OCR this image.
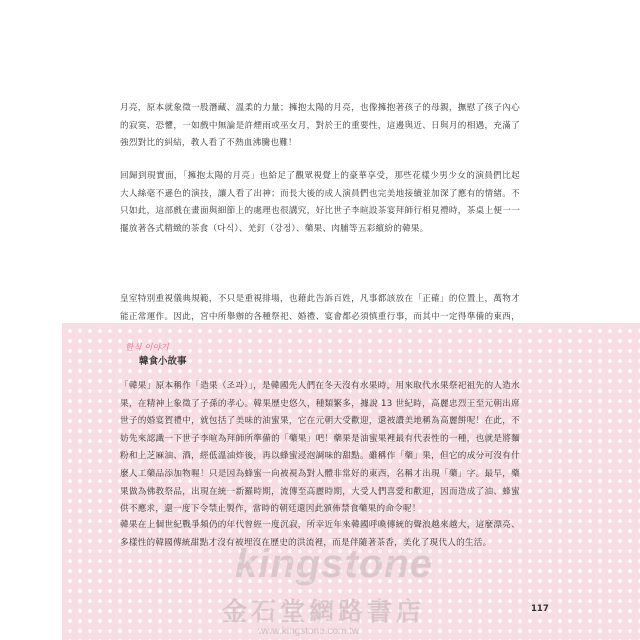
月亮，原本就象徵一股潛藏、溫柔的力量；擁抱太陽的月亮，也像擁抱著孩子的母親，撫慰了孩子內心的寂寞、恐懼，一如戲中無論是許煙雨或巫女月，對於王的重要性，這邊與近、日與月的相遇，充滿了強烈對比的糾結，教人看了不熱血沸騰也難！

回歸到現實面，「擁抱太陽的月亮」也給足了觀眾視覺上的豪華享受，那些花樣少男少女的演員們比起大人絲毫不遜色的演技，讓人看了出神；而長大後的成人演員們也完美地接續並加深了應有的情緒。不只如此，這部戲在畫面與細節上的處理也很講究，好比世子李暄設茶宴拜師行相見禮時，茶桌上便一一擺放著各式精緻的茶食（다식）、羌釘（강정）、藥果、肉脯等五彩繽紛的韓果。

皇室特別重視儀典規範，不只是重視排場，也藉此告訴百姓，凡事都該放在「正確」的位置上，萬物才能正常運作。因此，宮中所舉辦的各種祭祀、婚禮、宴會都必須慎重行事，而其中一定得準備的東西，

한식 이야기
韓食小故事

「韓果」原本稱作「造果（조과）」，是韓國先人們在冬天沒有水果時，用來取代水果祭祀祖先的人造水果，在精神上象徵了子孫的孝心。韓果歷史悠久，種類繁多，據說 13 世紀時，高麗忠烈王至元朝出席世子的婚宴賀禮中，就包括了美味的油蜜果，它在元朝大受歡迎，還被讚美地稱為高麗餅呢！在此，不妨先來認識一下世子李暄為拜師所準備的「藥果」吧！藥果是油蜜果裡最有代表性的一種，也就是將麵粉和上芝麻油、酒，經低溫油炸後，再以蜂蜜浸泡調味的甜點。雖稱作「藥」果，但它的成分可沒有什麼人工藥品添加物喔！只是因為蜂蜜一向被視為對人體非常好的東西，名稱才出現「藥」字。最早，藥果做為佛教祭品，出現在統一新羅時期，流傳至高麗時期，大受人們喜愛和歡迎，因而造成了油、蜂蜜供不應求，還一度下令禁止製作，當時的朝廷還因此頒佈禁食藥果的命令呢！

韓果在上個世紀戰爭頻仍的年代曾經一度沉寂，所幸近年來韓國呼喚傳統的聲浪越來越大，這麼漂亮、多樣性的韓國傳統甜點才沒有被埋沒在歷史的洪流裡，而是伴隨著茶香，美化了現代人的生活。

117
kingstone
金石堂網路書店
www.kingstone.com.tw
